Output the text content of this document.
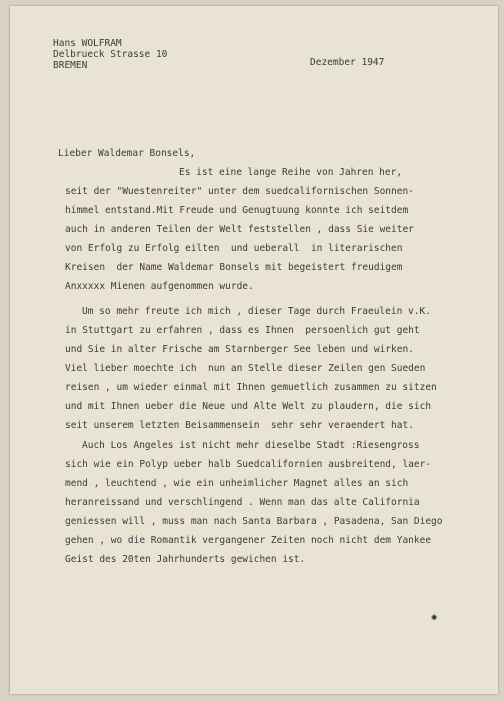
Hans WOLFRAM
Delbrueck Strasse 10
BREMEN	Dezember 1947
Lieber Waldemar Bonsels,
Es ist eine lange Reihe von Jahren her,
seit der "Wuestenreiter" unter dem suedcalifornischen Sonnen-
himmel entstand.Mit Freude und Genugtuung konnte ich seitdem
auch in anderen Teilen der Welt feststellen , dass Sie weiter
von Erfolg zu Erfolg eilten  und ueberall  in literarischen
Kreisen  der Name Waldemar Bonsels mit begeistert freudigem
Anxxxxx Mienen aufgenommen wurde.
Um so mehr freute ich mich , dieser Tage durch Fraeulein v.K.
in Stuttgart zu erfahren , dass es Ihnen  persoenlich gut geht
und Sie in alter Frische am Starnberger See leben und wirken.
Viel lieber moechte ich  nun an Stelle dieser Zeilen gen Sueden
reisen , um wieder einmal mit Ihnen gemuetlich zusammen zu sitzen
und mit Ihnen ueber die Neue und Alte Welt zu plaudern, die sich
seit unserem letzten Beisammensein  sehr sehr veraendert hat.
Auch Los Angeles ist nicht mehr dieselbe Stadt :Riesengross
sich wie ein Polyp ueber halb Suedcalifornien ausbreitend, laer-
mend , leuchtend , wie ein unheimlicher Magnet alles an sich
heranreissand und verschlingend . Wenn man das alte California
geniessen will , muss man nach Santa Barbara , Pasadena, San Diego
gehen , wo die Romantik vergangener Zeiten noch nicht dem Yankee
Geist des 20ten Jahrhunderts gewichen ist.
✺
